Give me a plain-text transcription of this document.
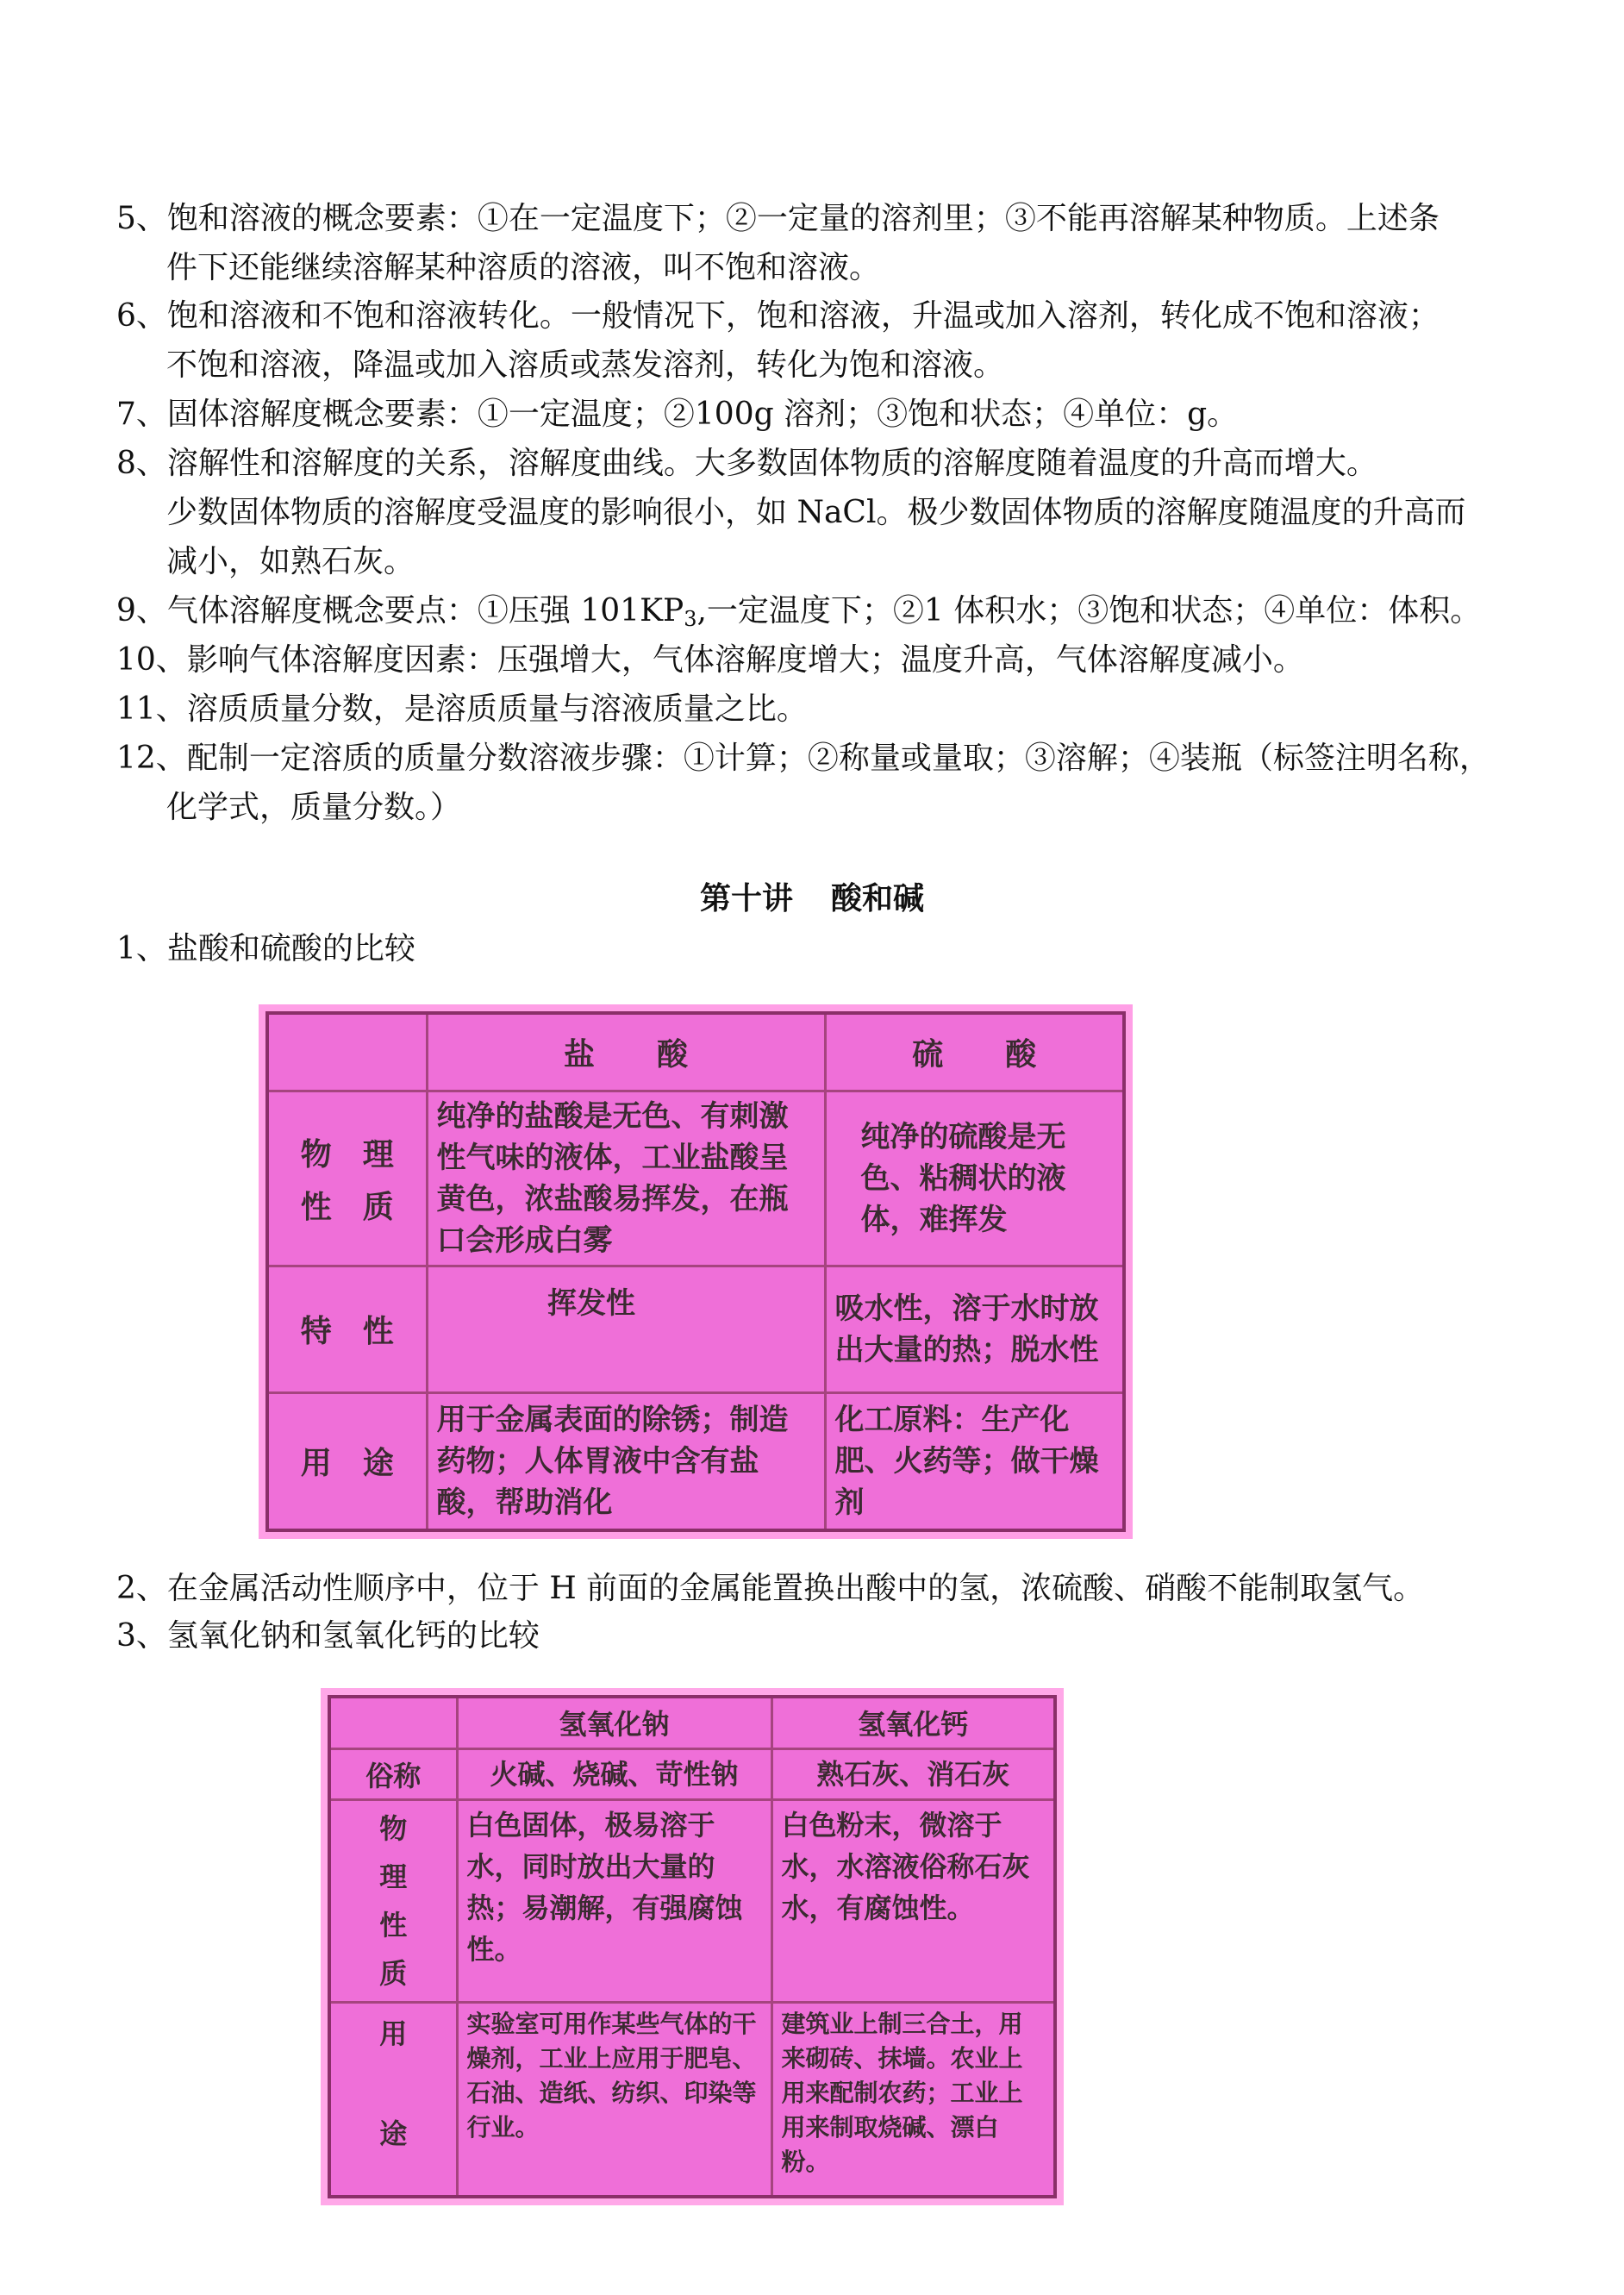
5、饱和溶液的概念要素：①在一定温度下；②一定量的溶剂里；③不能再溶解某种物质。上述条
件下还能继续溶解某种溶质的溶液，叫不饱和溶液。
6、饱和溶液和不饱和溶液转化。一般情况下，饱和溶液，升温或加入溶剂，转化成不饱和溶液；
不饱和溶液，降温或加入溶质或蒸发溶剂，转化为饱和溶液。
7、固体溶解度概念要素：①一定温度；②100g 溶剂；③饱和状态；④单位：g。
8、溶解性和溶解度的关系，溶解度曲线。大多数固体物质的溶解度随着温度的升高而增大。
少数固体物质的溶解度受温度的影响很小，如 NaCl。极少数固体物质的溶解度随温度的升高而
减小，如熟石灰。
9、气体溶解度概念要点：①压强 $101KP_3$,一定温度下；②1 体积水；③饱和状态；④单位：体积。
10、影响气体溶解度因素：压强增大，气体溶解度增大；温度升高，气体溶解度减小。
11、溶质质量分数，是溶质质量与溶液质量之比。
12、配制一定溶质的质量分数溶液步骤：①计算；②称量或量取；③溶解；④装瓶（标签注明名称，
化学式，质量分数。）
第十讲 酸和碱
1、盐酸和硫酸的比较
	盐　　酸	硫　　酸

物　理
性　质	纯净的盐酸是无色、有刺激性气味的液体，工业盐酸呈黄色，浓盐酸易挥发，在瓶口会形成白雾	纯净的硫酸是无色、粘稠状的液体，难挥发
特　性	挥发性	吸水性，溶于水时放出大量的热；脱水性
用　途	用于金属表面的除锈；制造药物；人体胃液中含有盐酸，帮助消化	化工原料：生产化肥、火药等；做干燥剂
2、在金属活动性顺序中，位于 H 前面的金属能置换出酸中的氢，浓硫酸、硝酸不能制取氢气。
3、氢氧化钠和氢氧化钙的比较
	氢氧化钠	氢氧化钙
俗称	火碱、烧碱、苛性钠	熟石灰、消石灰
物理性质	白色固体，极易溶于水，同时放出大量的热；易潮解，有强腐蚀性。	白色粉末，微溶于水，水溶液俗称石灰水，有腐蚀性。

用
途	实验室可用作某些气体的干燥剂，工业上应用于肥皂、石油、造纸、纺织、印染等行业。	建筑业上制三合土，用来砌砖、抹墙。农业上用来配制农药；工业上用来制取烧碱、漂白粉。
